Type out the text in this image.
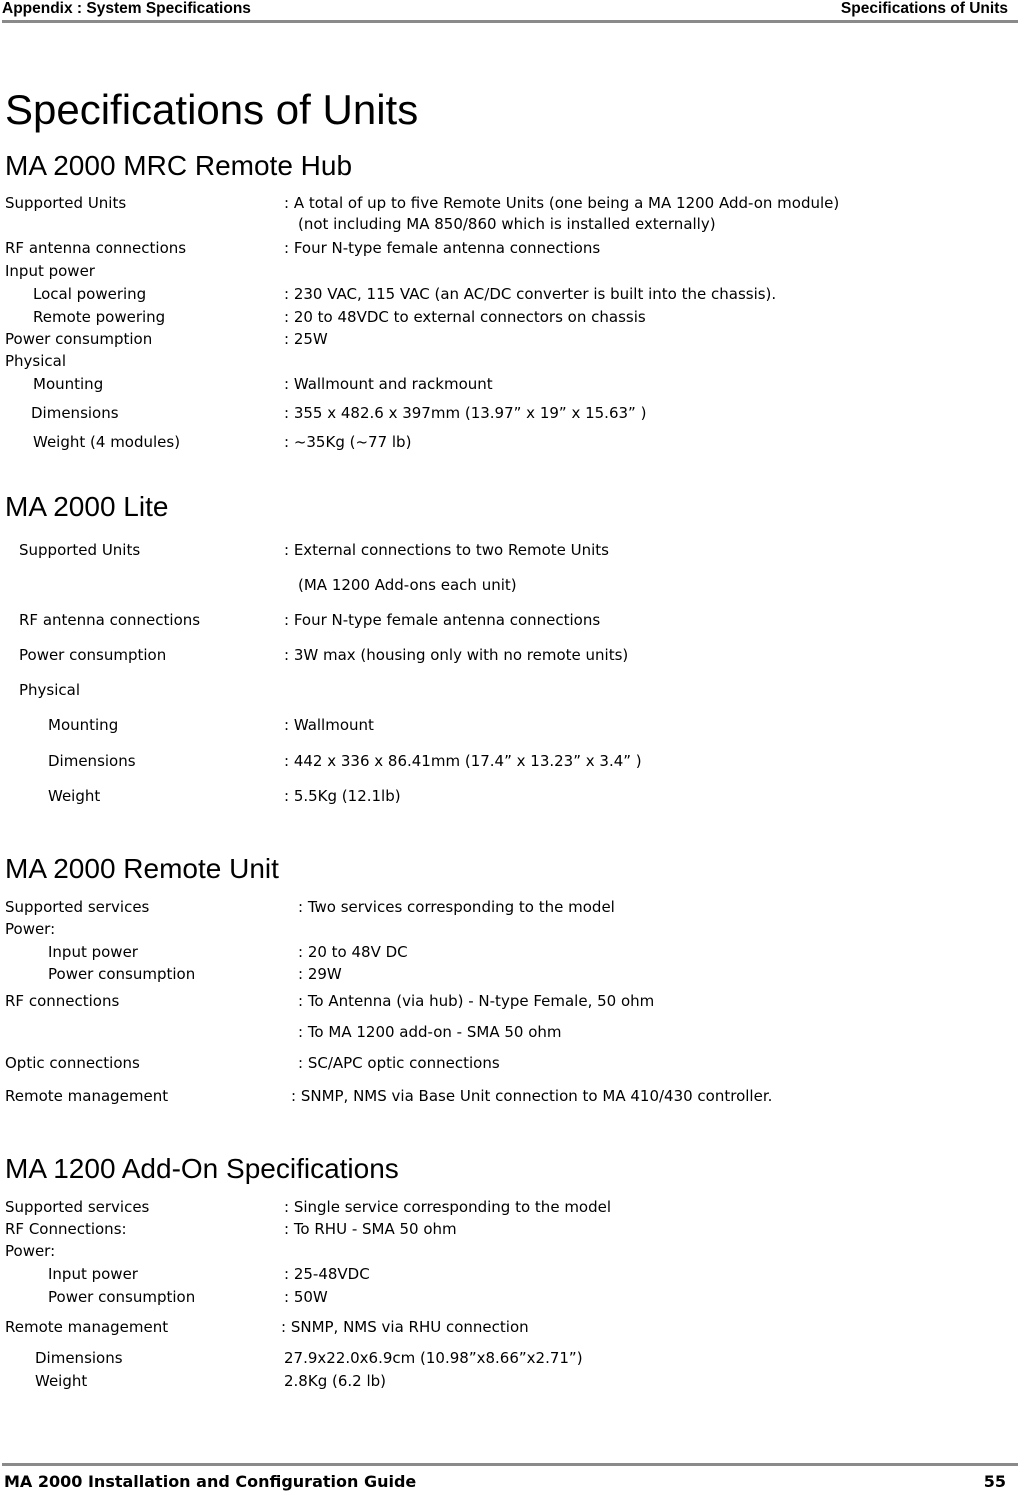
Appendix : System Specifications	Specifications of Units
Specifications of Units
MA 2000 MRC Remote Hub
Supported Units	: A total of up to five Remote Units (one being a MA 1200 Add-on module)
(not including MA 850/860 which is installed externally)
RF antenna connections	: Four N-type female antenna connections
Input power
Local powering	: 230 VAC, 115 VAC (an AC/DC converter is built into the chassis).
Remote powering	: 20 to 48VDC to external connectors on chassis
Power consumption	: 25W
Physical
Mounting	: Wallmount and rackmount
Dimensions	: 355 x 482.6 x 397mm (13.97” x 19” x 15.63” )
Weight (4 modules)	: ~35Kg (~77 lb)
MA 2000 Lite
Supported Units	: External connections to two Remote Units
(MA 1200 Add-ons each unit)
RF antenna connections	: Four N-type female antenna connections
Power consumption	: 3W max (housing only with no remote units)
Physical
Mounting	: Wallmount
Dimensions	: 442 x 336 x 86.41mm (17.4” x 13.23” x 3.4” )
Weight	: 5.5Kg (12.1lb)
MA 2000 Remote Unit
Supported services	: Two services corresponding to the model
Power:
Input power	: 20 to 48V DC
Power consumption	: 29W
RF connections	: To Antenna (via hub) - N-type Female, 50 ohm
: To MA 1200 add-on - SMA 50 ohm
Optic connections	: SC/APC optic connections
Remote management	: SNMP, NMS via Base Unit connection to MA 410/430 controller.
MA 1200 Add-On Specifications
Supported services	: Single service corresponding to the model
RF Connections:	: To RHU - SMA 50 ohm
Power:
Input power	: 25-48VDC
Power consumption	: 50W
Remote management	: SNMP, NMS via RHU connection
Dimensions	27.9x22.0x6.9cm (10.98”x8.66”x2.71”)
Weight	2.8Kg (6.2 lb)
MA 2000 Installation and Configuration Guide	55
